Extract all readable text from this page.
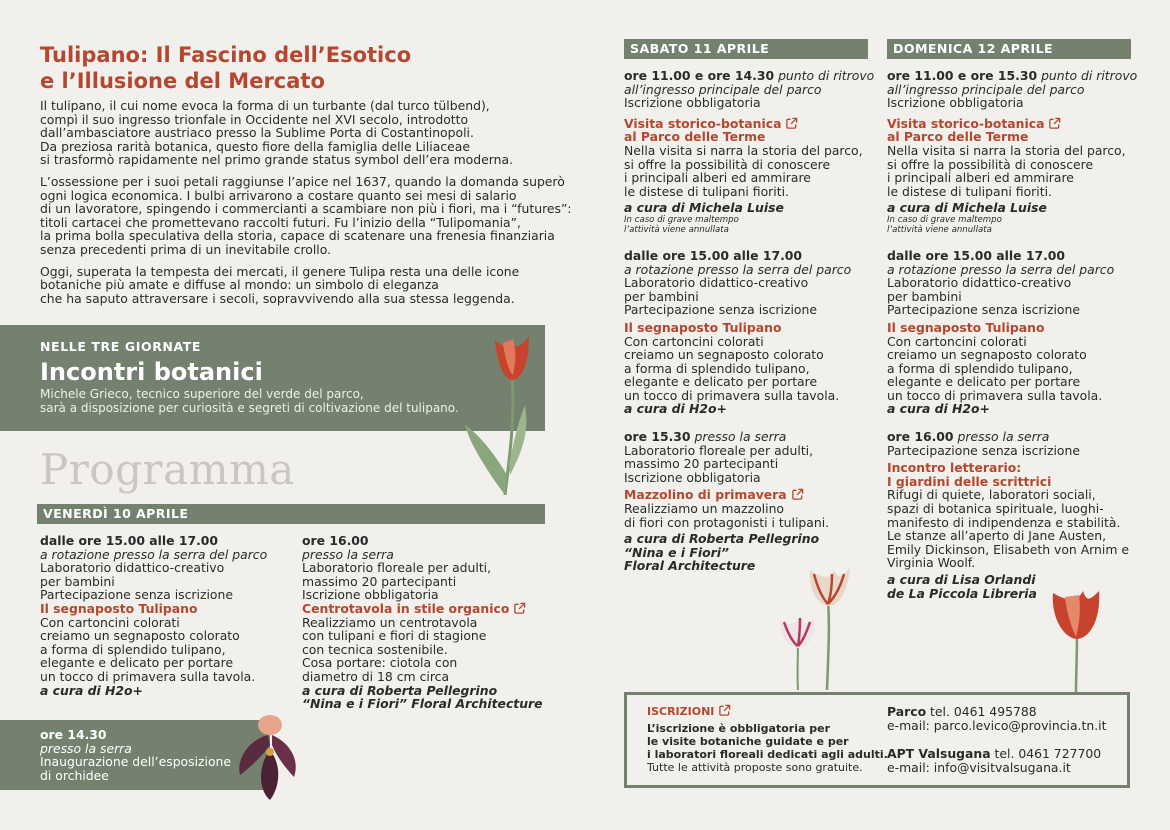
Tulipano: Il Fascino dell’Esotico
e l’Illusione del Mercato
Il tulipano, il cui nome evoca la forma di un turbante (dal turco tülbend),
compì il suo ingresso trionfale in Occidente nel XVI secolo, introdotto
dall’ambasciatore austriaco presso la Sublime Porta di Costantinopoli.
Da preziosa rarità botanica, questo fiore della famiglia delle Liliaceae
si trasformò rapidamente nel primo grande status symbol dell’era moderna.
L’ossessione per i suoi petali raggiunse l’apice nel 1637, quando la domanda superò
ogni logica economica. I bulbi arrivarono a costare quanto sei mesi di salario
di un lavoratore, spingendo i commercianti a scambiare non più i fiori, ma i “futures”:
titoli cartacei che promettevano raccolti futuri. Fu l’inizio della “Tulipomania”,
la prima bolla speculativa della storia, capace di scatenare una frenesia finanziaria
senza precedenti prima di un inevitabile crollo.
Oggi, superata la tempesta dei mercati, il genere Tulipa resta una delle icone
botaniche più amate e diffuse al mondo: un simbolo di eleganza
che ha saputo attraversare i secoli, sopravvivendo alla sua stessa leggenda.
NELLE TRE GIORNATE
Incontri botanici
Michele Grieco, tecnico superiore del verde del parco,
sarà a disposizione per curiosità e segreti di coltivazione del tulipano.
Programma
VENERDÌ 10 APRILE
dalle ore 15.00 alle 17.00
a rotazione presso la serra del parco
Laboratorio didattico-creativo
per bambini
Partecipazione senza iscrizione
Il segnaposto Tulipano
Con cartoncini colorati
creiamo un segnaposto colorato
a forma di splendido tulipano,
elegante e delicato per portare
un tocco di primavera sulla tavola.
a cura di H2o+
ore 16.00
presso la serra
Laboratorio floreale per adulti,
massimo 20 partecipanti
Iscrizione obbligatoria
Centrotavola in stile organico
Realizziamo un centrotavola
con tulipani e fiori di stagione
con tecnica sostenibile.
Cosa portare: ciotola con
diametro di 18 cm circa
a cura di Roberta Pellegrino
“Nina e i Fiori” Floral Architecture
ore 14.30
presso la serra
Inaugurazione dell’esposizione
di orchidee
SABATO 11 APRILE
ore 11.00 e ore 14.30 punto di ritrovo
all’ingresso principale del parco
Iscrizione obbligatoria
Visita storico-botanica
al Parco delle Terme
Nella visita si narra la storia del parco,
si offre la possibilità di conoscere
i principali alberi ed ammirare
le distese di tulipani fioriti.
a cura di Michela Luise
In caso di grave maltempo
l’attività viene annullata
dalle ore 15.00 alle 17.00
a rotazione presso la serra del parco
Laboratorio didattico-creativo
per bambini
Partecipazione senza iscrizione
Il segnaposto Tulipano
Con cartoncini colorati
creiamo un segnaposto colorato
a forma di splendido tulipano,
elegante e delicato per portare
un tocco di primavera sulla tavola.
a cura di H2o+
ore 15.30 presso la serra
Laboratorio floreale per adulti,
massimo 20 partecipanti
Iscrizione obbligatoria
Mazzolino di primavera
Realizziamo un mazzolino
di fiori con protagonisti i tulipani.
a cura di Roberta Pellegrino
“Nina e i Fiori”
Floral Architecture
DOMENICA 12 APRILE
ore 11.00 e ore 15.30 punto di ritrovo
all’ingresso principale del parco
Iscrizione obbligatoria
Visita storico-botanica
al Parco delle Terme
Nella visita si narra la storia del parco,
si offre la possibilità di conoscere
i principali alberi ed ammirare
le distese di tulipani fioriti.
a cura di Michela Luise
In caso di grave maltempo
l’attività viene annullata
dalle ore 15.00 alle 17.00
a rotazione presso la serra del parco
Laboratorio didattico-creativo
per bambini
Partecipazione senza iscrizione
Il segnaposto Tulipano
Con cartoncini colorati
creiamo un segnaposto colorato
a forma di splendido tulipano,
elegante e delicato per portare
un tocco di primavera sulla tavola.
a cura di H2o+
ore 16.00 presso la serra
Partecipazione senza iscrizione
Incontro letterario:
I giardini delle scrittrici
Rifugi di quiete, laboratori sociali,
spazi di botanica spirituale, luoghi-
manifesto di indipendenza e stabilità.
Le stanze all’aperto di Jane Austen,
Emily Dickinson, Elisabeth von Arnim e
Virginia Woolf.
a cura di Lisa Orlandi
de La Piccola Libreria
ISCRIZIONI
L’iscrizione è obbligatoria per
le visite botaniche guidate e per
i laboratori floreali dedicati agli adulti.
Tutte le attività proposte sono gratuite.
Parco tel. 0461 495788
e-mail: parco.levico@provincia.tn.it
APT Valsugana tel. 0461 727700
e-mail: info@visitvalsugana.it
